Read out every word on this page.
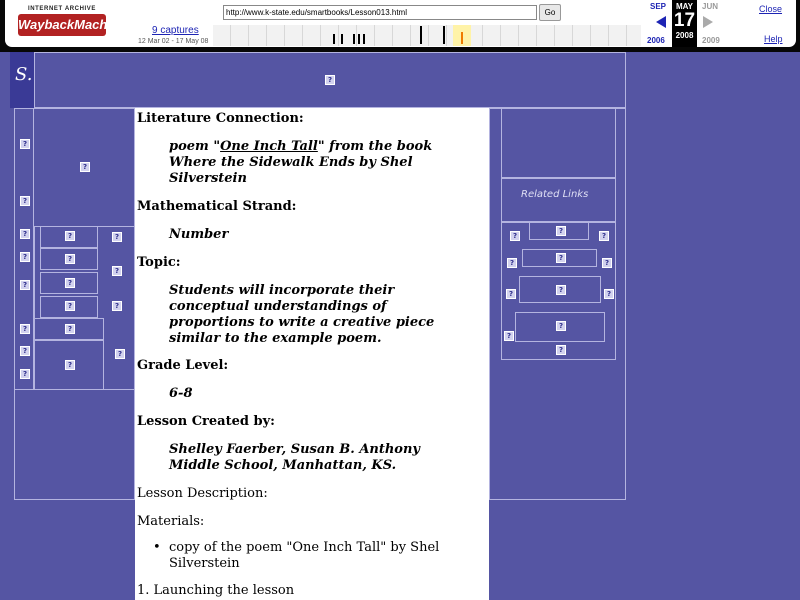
INTERNET ARCHIVE
WaybackMachine
http://www.k-state.edu/smartbooks/Lesson013.html	Go
9 captures
12 Mar 02 - 17 May 08
SEP
2006
MAY
17
2008
JUN
2009
Close
Help
S.	?
?
?
?
?	?	?
?	?
?
?	?
?	?
?	?
?	?
?
?
Related Links
?
?
?
?
?
?
?	?	?
?
?
?
Literature Connection:
poem "One Inch Tall" from the book
Where the Sidewalk Ends by Shel
Silverstein
Mathematical Strand:
Number
Topic:
Students will incorporate their
conceptual understandings of
proportions to write a creative piece
similar to the example poem.
Grade Level:
6-8
Lesson Created by:
Shelley Faerber, Susan B. Anthony
Middle School, Manhattan, KS.
Lesson Description:
Materials:
• copy of the poem "One Inch Tall" by Shel
Silverstein
1. Launching the lesson
